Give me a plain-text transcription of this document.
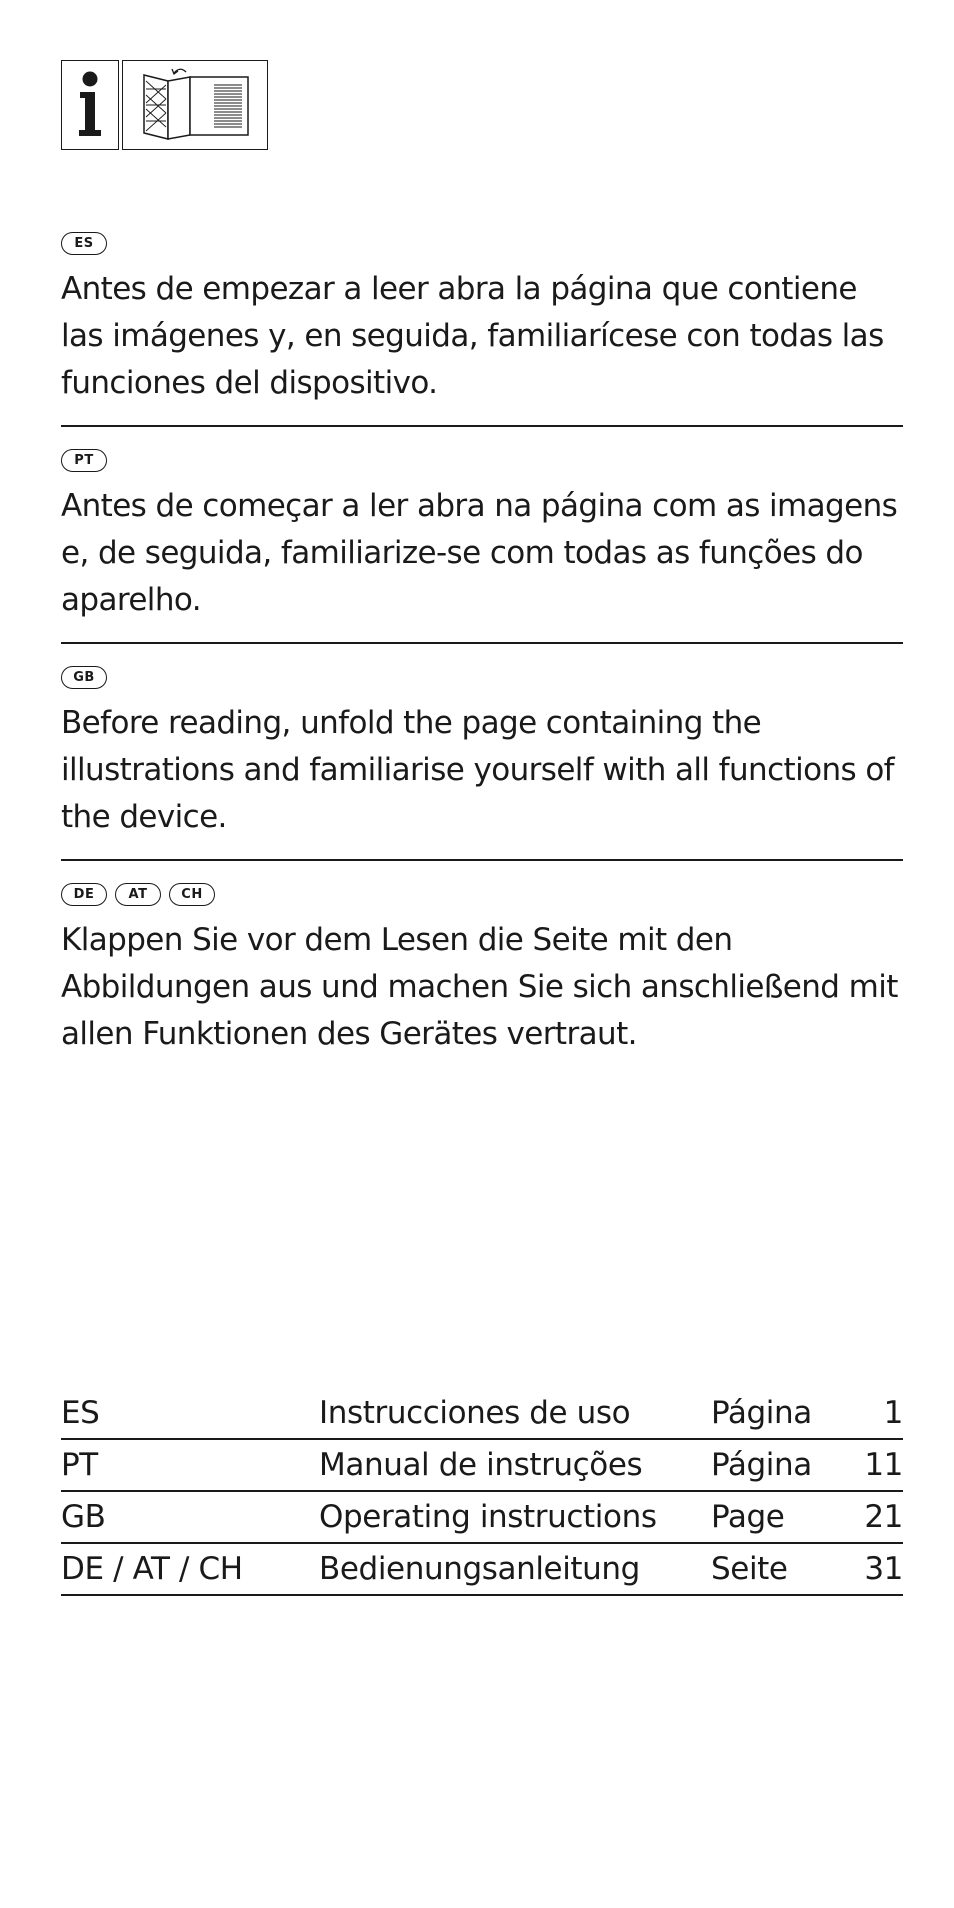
ES

Antes de empezar a leer abra la página que contiene las imágenes y, en seguida, familiarícese con todas las funciones del dispositivo.

PT

Antes de começar a ler abra na página com as imagens e, de seguida, familiarize-se com todas as funções do aparelho.

GB

Before reading, unfold the page containing the illustrations and familiarise yourself with all functions of the device.

DE	AT	CH

Klappen Sie vor dem Lesen die Seite mit den Abbildungen aus und machen Sie sich anschließend mit allen Funktionen des Gerätes vertraut.

ES	Instrucciones de uso	Página	1
PT	Manual de instruções	Página	11
GB	Operating instructions	Page	21
DE / AT / CH	Bedienungsanleitung	Seite	31
